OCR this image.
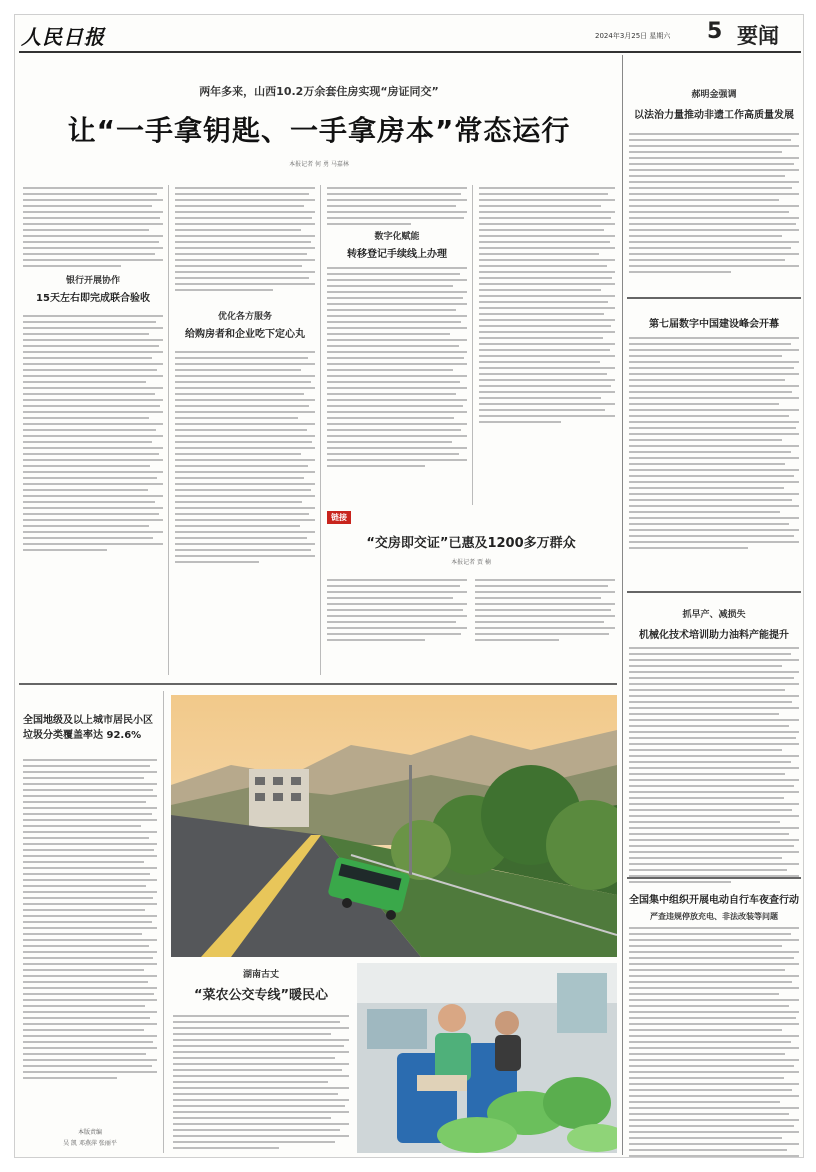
人民日报	2024年3月25日 星期六 5 要闻
两年多来，山西10.2万余套住房实现“房证同交”
让“一手拿钥匙、一手拿房本”常态运行
本报记者 何 勇 马嘉林
银行开展协作
15天左右即完成联合验收
优化各方服务
给购房者和企业吃下定心丸
数字化赋能
转移登记手续线上办理
链接
“交房即交证”已惠及1200多万群众
本报记者 贾 楠
郝明金强调
以法治力量推动非遗工作高质量发展
第七届数字中国建设峰会开幕
抓早产、减损失
机械化技术培训助力油料产能提升
全国集中组织开展电动自行车夜查行动
严查违规停放充电、非法改装等问题
全国地级及以上城市居民小区垃圾分类覆盖率达 92.6%
本版责编
吴 凯 邓燕萍 张丽平
湖南古丈
“菜农公交专线”暖民心
